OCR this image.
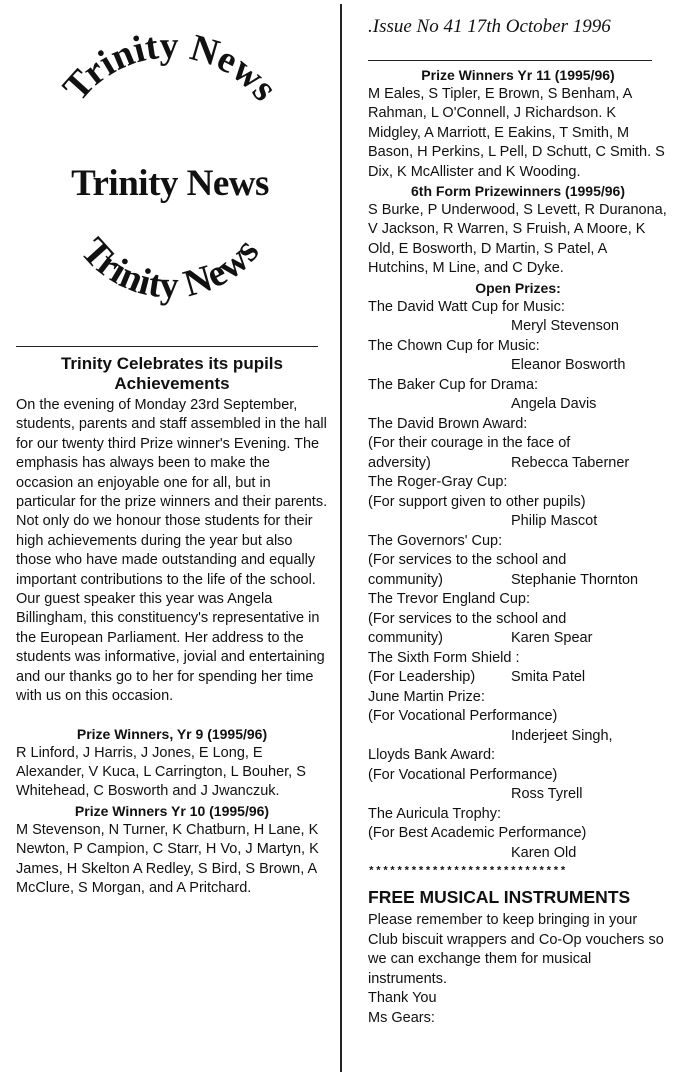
Trinity News
Trinity News
Trinity News
Trinity Celebrates its pupils
Achievements

On the evening of Monday 23rd September, students, parents and staff assembled in the hall for our twenty third Prize winner's Evening. The emphasis has always been to make the occasion an enjoyable one for all, but in particular for the prize winners and their parents. Not only do we honour those students for their high achievements during the year but also those who have made outstanding and equally important contributions to the life of the school.

Our guest speaker this year was Angela Billingham, this constituency's representative in the European Parliament. Her address to the students was informative, jovial and entertaining and our thanks go to her for spending her time with us on this occasion.

Prize Winners, Yr 9 (1995/96)

R Linford, J Harris, J Jones, E Long, E Alexander, V Kuca, L Carrington, L Bouher, S Whitehead, C Bosworth and J Jwanczuk.

Prize Winners Yr 10 (1995/96)

M Stevenson, N Turner, K Chatburn, H Lane, K Newton, P Campion, C Starr, H Vo, J Martyn, K James, H Skelton A Redley, S Bird, S Brown, A McClure, S Morgan, and A Pritchard.

.Issue No 41 17th October 1996

Prize Winners Yr 11 (1995/96)

M Eales, S Tipler, E Brown, S Benham, A Rahman, L O'Connell, J Richardson. K Midgley, A Marriott, E Eakins, T Smith, M Bason, H Perkins, L Pell, D Schutt, C Smith. S Dix, K McAllister and K Wooding.

6th Form Prizewinners (1995/96)

S Burke, P Underwood, S Levett, R Duranona, V Jackson, R Warren, S Fruish, A Moore, K Old, E Bosworth, D Martin, S Patel, A Hutchins, M Line, and C Dyke.

Open Prizes:

The David Watt Cup for Music:
Meryl Stevenson
The Chown Cup for Music:
Eleanor Bosworth
The Baker Cup for Drama:
Angela Davis
The David Brown Award:
(For their courage in the face of
adversity)	Rebecca Taberner
The Roger-Gray Cup:
(For support given to other pupils)
Philip Mascot
The Governors' Cup:
(For services to the school and
community)	Stephanie Thornton
The Trevor England Cup:
(For services to the school and
community)	Karen Spear
The Sixth Form Shield :
(For Leadership)	Smita Patel
June Martin Prize:
(For Vocational Performance)
Inderjeet Singh,
Lloyds Bank Award:
(For Vocational Performance)
Ross Tyrell
The Auricula Trophy:
(For Best Academic Performance)
Karen Old
****************************
FREE MUSICAL INSTRUMENTS
Please remember to keep bringing in your Club biscuit wrappers and Co-Op vouchers so we can exchange them for musical instruments.
Thank You
Ms Gears:
